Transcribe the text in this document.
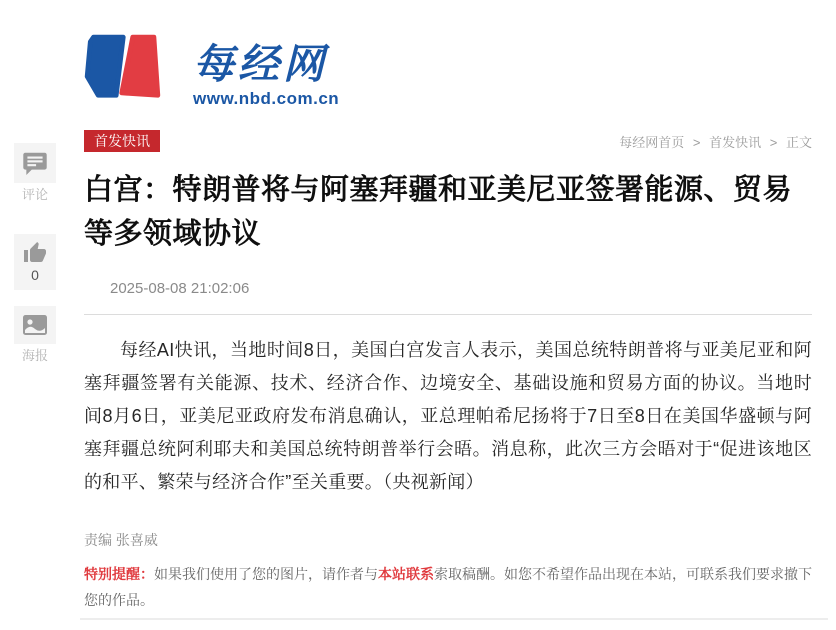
评论
0
海报
每经网
www.nbd.com.cn
首发快讯	每经网首页 > 首发快讯 > 正文
白宫：特朗普将与阿塞拜疆和亚美尼亚签署能源、贸易等多领域协议
2025-08-08 21:02:06

每经AI快讯，当地时间8日，美国白宫发言人表示，美国总统特朗普将与亚美尼亚和阿塞拜疆签署有关能源、技术、经济合作、边境安全、基础设施和贸易方面的协议。当地时间8月6日，亚美尼亚政府发布消息确认，亚总理帕希尼扬将于7日至8日在美国华盛顿与阿塞拜疆总统阿利耶夫和美国总统特朗普举行会晤。消息称，此次三方会晤对于“促进该地区的和平、繁荣与经济合作”至关重要。（央视新闻）

责编 张喜威
特别提醒：如果我们使用了您的图片，请作者与本站联系索取稿酬。如您不希望作品出现在本站，可联系我们要求撤下您的作品。
